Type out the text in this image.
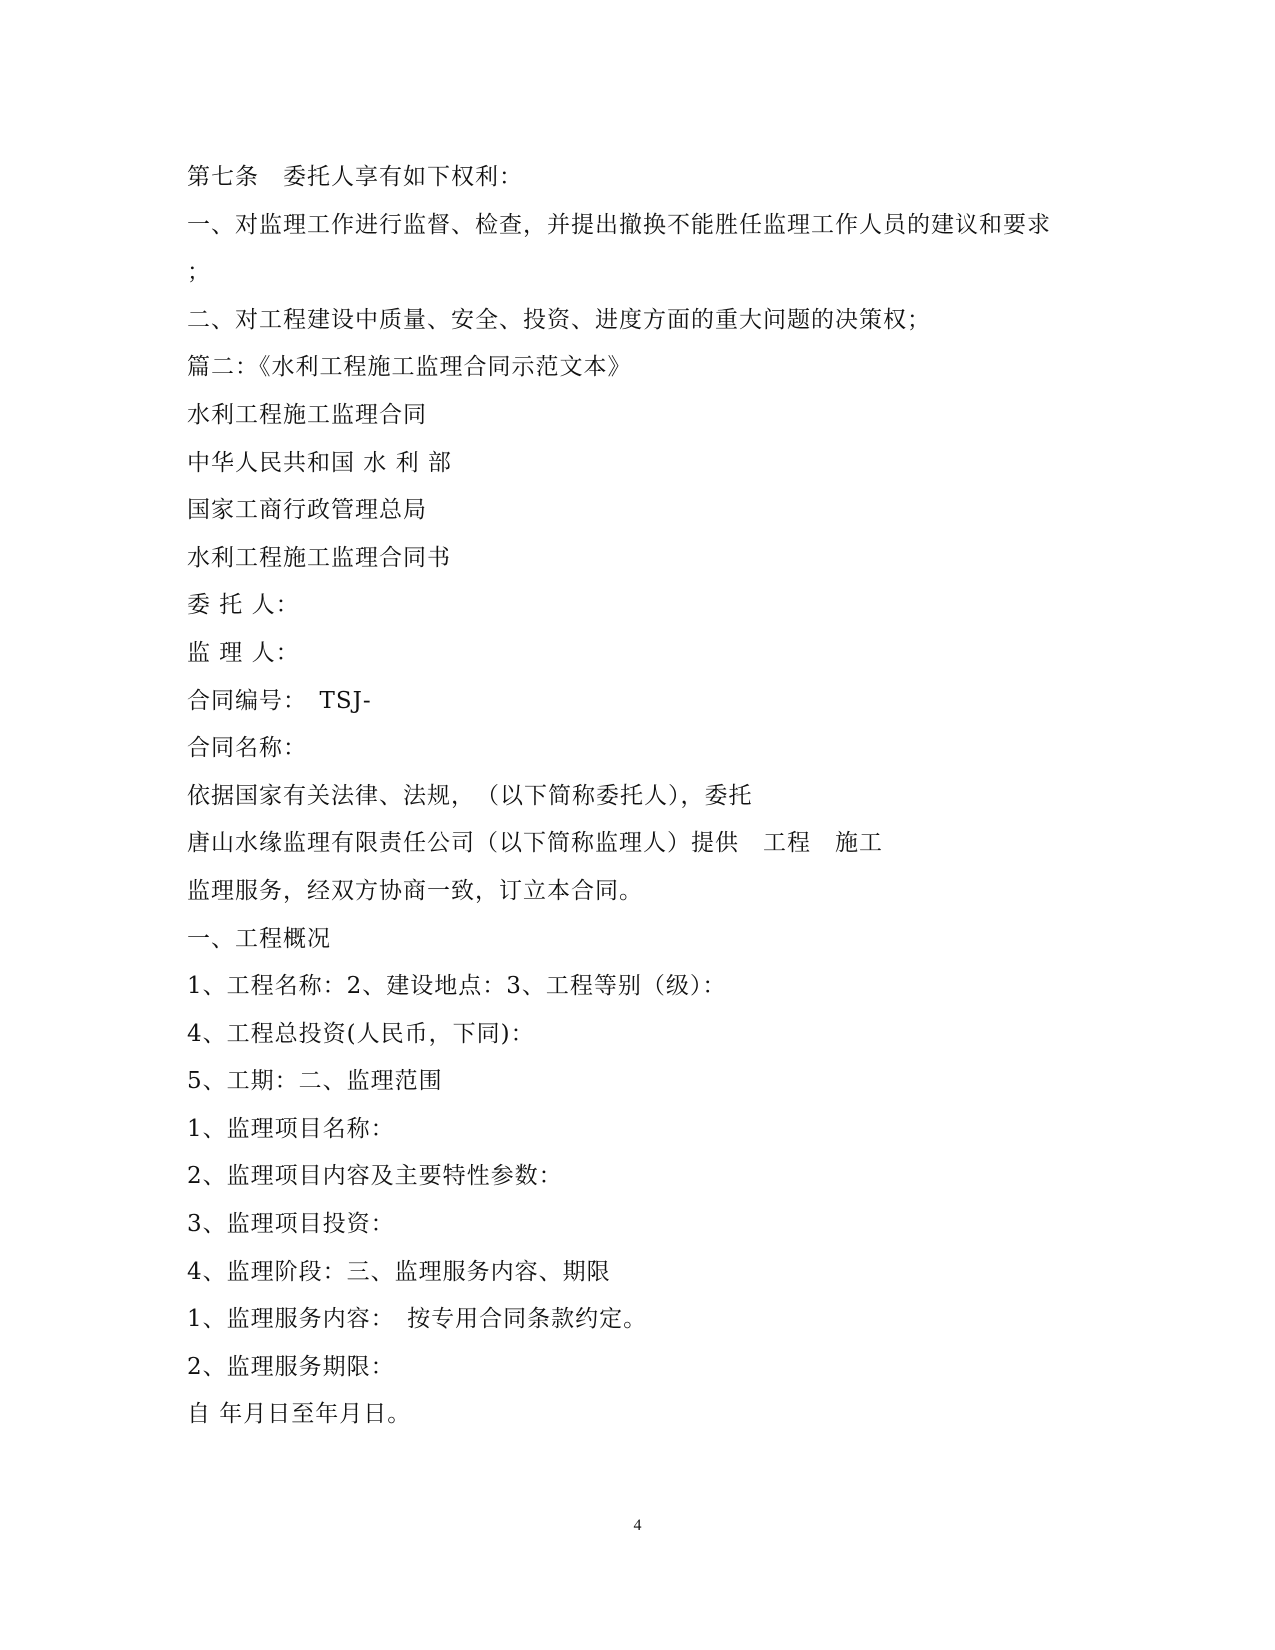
第七条　委托人享有如下权利：
一、对监理工作进行监督、检查，并提出撤换不能胜任监理工作人员的建议和要求
；
二、对工程建设中质量、安全、投资、进度方面的重大问题的决策权；
篇二：《水利工程施工监理合同示范文本》
水利工程施工监理合同
中华人民共和国 水 利 部
国家工商行政管理总局
水利工程施工监理合同书
委 托 人：
监 理 人：
合同编号：　TSJ-
合同名称：
依据国家有关法律、法规，　（以下简称委托人），委托
唐山水缘监理有限责任公司（以下简称监理人）提供　工程　施工
监理服务，经双方协商一致，订立本合同。
一、工程概况
1、工程名称：2、建设地点：3、工程等别（级）：
4、工程总投资(人民币，下同)：
5、工期：二、监理范围
1、监理项目名称：
2、监理项目内容及主要特性参数：
3、监理项目投资：
4、监理阶段：三、监理服务内容、期限
1、监理服务内容：　按专用合同条款约定。
2、监理服务期限：
自 年月日至年月日。
4
